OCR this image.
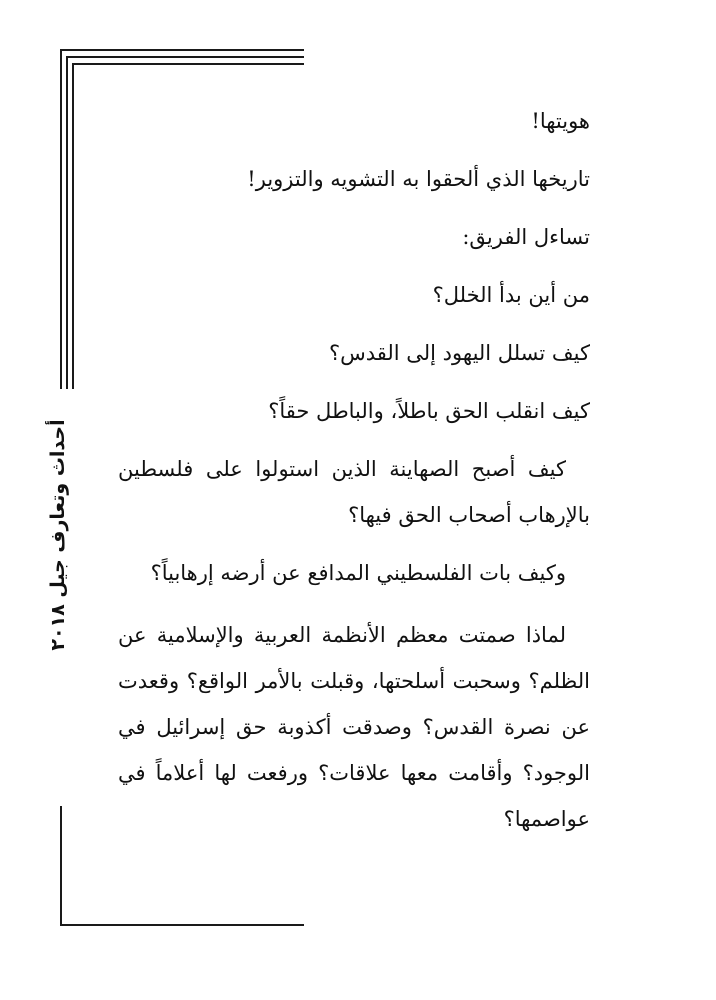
أحداث وتعارف جيل ٢٠١٨

هويتها!

تاريخها الذي ألحقوا به التشويه والتزوير!

تساءل الفريق:

من أين بدأ الخلل؟

كيف تسلل اليهود إلى القدس؟

كيف انقلب الحق باطلاً، والباطل حقاً؟

كيف أصبح الصهاينة الذين استولوا على فلسطين بالإرهاب أصحاب الحق فيها؟

وكيف بات الفلسطيني المدافع عن أرضه إرهابياً؟

لماذا صمتت معظم الأنظمة العربية والإسلامية عن الظلم؟ وسحبت أسلحتها، وقبلت بالأمر الواقع؟ وقعدت عن نصرة القدس؟ وصدقت أكذوبة حق إسرائيل في الوجود؟ وأقامت معها علاقات؟ ورفعت لها أعلاماً في عواصمها؟
